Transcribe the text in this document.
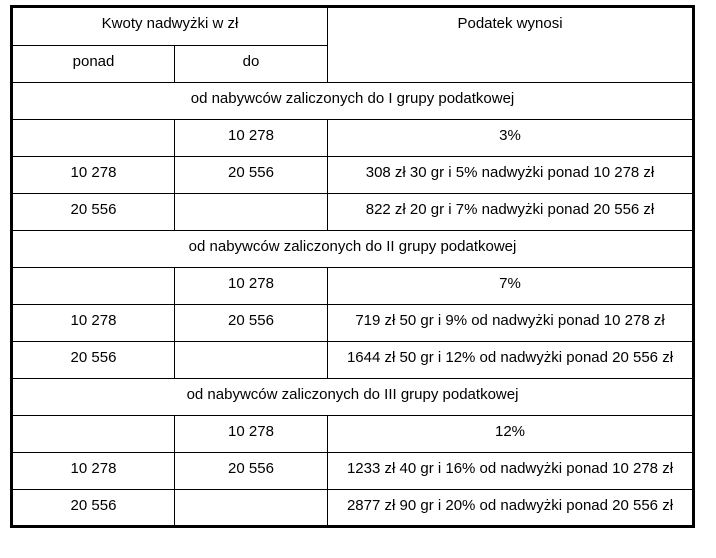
Kwoty nadwyżki w zł		Podatek wynosi
ponad	do	
od nabywców zaliczonych do I grupy podatkowej		
	10 278	3%
10 278	20 556	308 zł 30 gr i 5% nadwyżki ponad 10 278 zł
20 556		822 zł 20 gr i 7% nadwyżki ponad 20 556 zł
od nabywców zaliczonych do II grupy podatkowej		
	10 278	7%
10 278	20 556	719 zł 50 gr i 9% od nadwyżki ponad 10 278 zł
20 556		1644 zł 50 gr i 12% od nadwyżki ponad 20 556 zł
od nabywców zaliczonych do III grupy podatkowej		
	10 278	12%
10 278	20 556	1233 zł 40 gr i 16% od nadwyżki ponad 10 278 zł
20 556		2877 zł 90 gr i 20% od nadwyżki ponad 20 556 zł
